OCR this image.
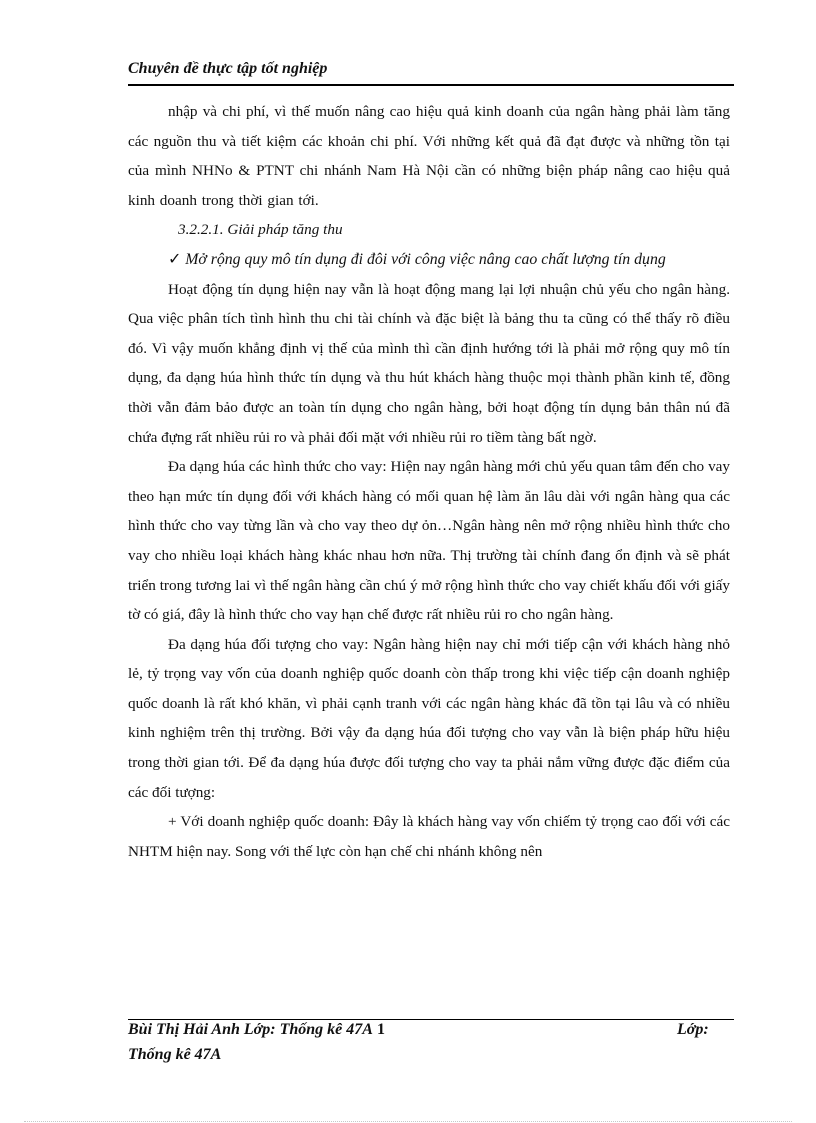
Chuyên đề thực tập tốt nghiệp

nhập và chi phí, vì thế muốn nâng cao hiệu quả kinh doanh của ngân hàng phải làm tăng các nguồn thu và tiết kiệm các khoản chi phí. Với những kết quả đã đạt được và những tồn tại của mình NHNo & PTNT chi nhánh Nam Hà Nội cần có những biện pháp nâng cao hiệu quả kinh doanh trong thời gian tới.

3.2.2.1. Giải pháp tăng thu

✓ Mở rộng quy mô tín dụng đi đôi với công việc nâng cao chất lượng tín dụng

Hoạt động tín dụng hiện nay vẫn là hoạt động mang lại lợi nhuận chủ yếu cho ngân hàng. Qua việc phân tích tình hình thu chi tài chính và đặc biệt là bảng thu ta cũng có thể thấy rõ điều đó. Vì vậy muốn khẳng định vị thế của mình thì cần định hướng tới là phải mở rộng quy mô tín dụng, đa dạng húa hình thức tín dụng và thu hút khách hàng thuộc mọi thành phần kinh tế, đồng thời vẫn đảm bảo được an toàn tín dụng cho ngân hàng, bởi hoạt động tín dụng bản thân nú đã chứa đựng rất nhiều rủi ro và phải đối mặt với nhiều rủi ro tiềm tàng bất ngờ.

Đa dạng húa các hình thức cho vay: Hiện nay ngân hàng mới chủ yếu quan tâm đến cho vay theo hạn mức tín dụng đối với khách hàng có mối quan hệ làm ăn lâu dài với ngân hàng qua các hình thức cho vay từng lần và cho vay theo dự ỏn…Ngân hàng nên mở rộng nhiều hình thức cho vay cho nhiều loại khách hàng khác nhau hơn nữa. Thị trường tài chính đang ổn định và sẽ phát triển trong tương lai vì thế ngân hàng cần chú ý mở rộng hình thức cho vay chiết khấu đối với giấy tờ có giá, đây là hình thức cho vay hạn chế được rất nhiều rủi ro cho ngân hàng.

Đa dạng húa đối tượng cho vay: Ngân hàng hiện nay chỉ mới tiếp cận với khách hàng nhỏ lẻ, tỷ trọng vay vốn của doanh nghiệp quốc doanh còn thấp trong khi việc tiếp cận doanh nghiệp quốc doanh là rất khó khăn, vì phải cạnh tranh với các ngân hàng khác đã tồn tại lâu và có nhiều kinh nghiệm trên thị trường. Bởi vậy đa dạng húa đối tượng cho vay vẫn là biện pháp hữu hiệu trong thời gian tới. Để đa dạng húa được đối tượng cho vay ta phải nắm vững được đặc điểm của các đối tượng:

+ Với doanh nghiệp quốc doanh: Đây là khách hàng vay vốn chiếm tỷ trọng cao đối với các NHTM hiện nay. Song với thế lực còn hạn chế chi nhánh không nên

Bùi Thị Hải Anh Lớp: Thống kê 47A 1	Lớp:
Thống kê 47A
